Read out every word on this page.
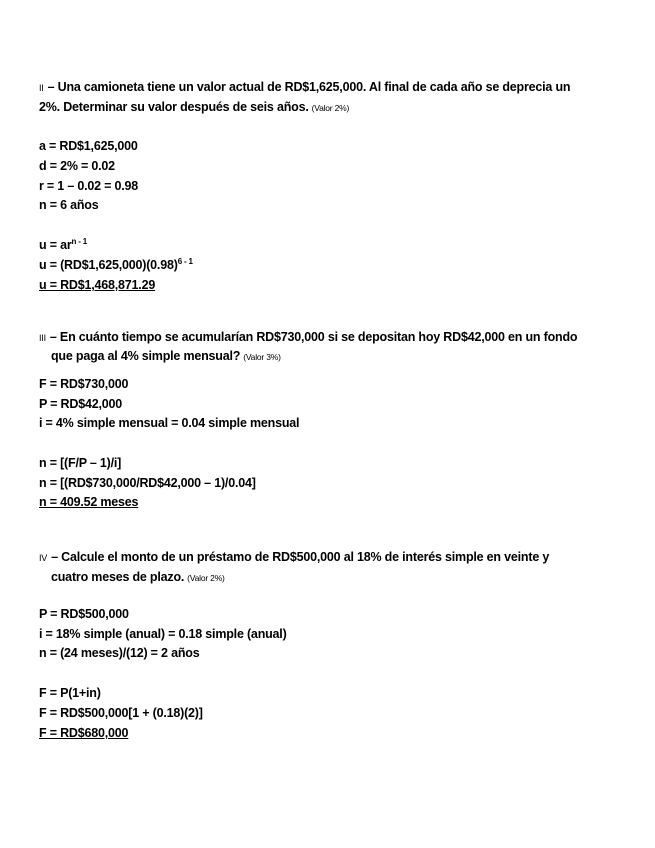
II – Una camioneta tiene un valor actual de RD$1,625,000. Al final de cada año se deprecia un
2%. Determinar su valor después de seis años. (Valor 2%)
a = RD$1,625,000
d = 2% = 0.02
r = 1 – 0.02 = 0.98
n = 6 años
$u = ar^{n - 1}$
$u = (RD\$1,625,000)(0.98)^{6 - 1}$
u = RD$1,468,871.29
III – En cuánto tiempo se acumularían RD$730,000 si se depositan hoy RD$42,000 en un fondo
que paga al 4% simple mensual? (Valor 3%)
F = RD$730,000
P = RD$42,000
i = 4% simple mensual = 0.04 simple mensual
n = [(F/P – 1)/i]
n = [(RD$730,000/RD$42,000 – 1)/0.04]
n = 409.52 meses
IV – Calcule el monto de un préstamo de RD$500,000 al 18% de interés simple en veinte y
cuatro meses de plazo. (Valor 2%)
P = RD$500,000
i = 18% simple (anual) = 0.18 simple (anual)
n = (24 meses)/(12) = 2 años
F = P(1+in)
F = RD$500,000[1 + (0.18)(2)]
F = RD$680,000
